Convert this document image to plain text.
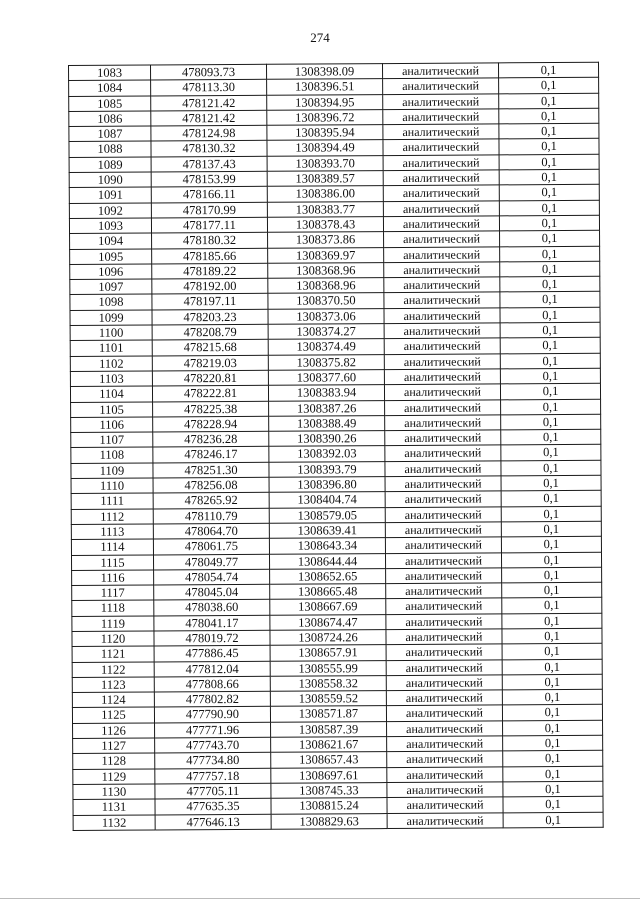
274
1083	478093.73	1308398.09	аналитический	0,1
1084	478113.30	1308396.51	аналитический	0,1
1085	478121.42	1308394.95	аналитический	0,1
1086	478121.42	1308396.72	аналитический	0,1
1087	478124.98	1308395.94	аналитический	0,1
1088	478130.32	1308394.49	аналитический	0,1
1089	478137.43	1308393.70	аналитический	0,1
1090	478153.99	1308389.57	аналитический	0,1
1091	478166.11	1308386.00	аналитический	0,1
1092	478170.99	1308383.77	аналитический	0,1
1093	478177.11	1308378.43	аналитический	0,1
1094	478180.32	1308373.86	аналитический	0,1
1095	478185.66	1308369.97	аналитический	0,1
1096	478189.22	1308368.96	аналитический	0,1
1097	478192.00	1308368.96	аналитический	0,1
1098	478197.11	1308370.50	аналитический	0,1
1099	478203.23	1308373.06	аналитический	0,1
1100	478208.79	1308374.27	аналитический	0,1
1101	478215.68	1308374.49	аналитический	0,1
1102	478219.03	1308375.82	аналитический	0,1
1103	478220.81	1308377.60	аналитический	0,1
1104	478222.81	1308383.94	аналитический	0,1
1105	478225.38	1308387.26	аналитический	0,1
1106	478228.94	1308388.49	аналитический	0,1
1107	478236.28	1308390.26	аналитический	0,1
1108	478246.17	1308392.03	аналитический	0,1
1109	478251.30	1308393.79	аналитический	0,1
1110	478256.08	1308396.80	аналитический	0,1
1111	478265.92	1308404.74	аналитический	0,1
1112	478110.79	1308579.05	аналитический	0,1
1113	478064.70	1308639.41	аналитический	0,1
1114	478061.75	1308643.34	аналитический	0,1
1115	478049.77	1308644.44	аналитический	0,1
1116	478054.74	1308652.65	аналитический	0,1
1117	478045.04	1308665.48	аналитический	0,1
1118	478038.60	1308667.69	аналитический	0,1
1119	478041.17	1308674.47	аналитический	0,1
1120	478019.72	1308724.26	аналитический	0,1
1121	477886.45	1308657.91	аналитический	0,1
1122	477812.04	1308555.99	аналитический	0,1
1123	477808.66	1308558.32	аналитический	0,1
1124	477802.82	1308559.52	аналитический	0,1
1125	477790.90	1308571.87	аналитический	0,1
1126	477771.96	1308587.39	аналитический	0,1
1127	477743.70	1308621.67	аналитический	0,1
1128	477734.80	1308657.43	аналитический	0,1
1129	477757.18	1308697.61	аналитический	0,1
1130	477705.11	1308745.33	аналитический	0,1
1131	477635.35	1308815.24	аналитический	0,1
1132	477646.13	1308829.63	аналитический	0,1
